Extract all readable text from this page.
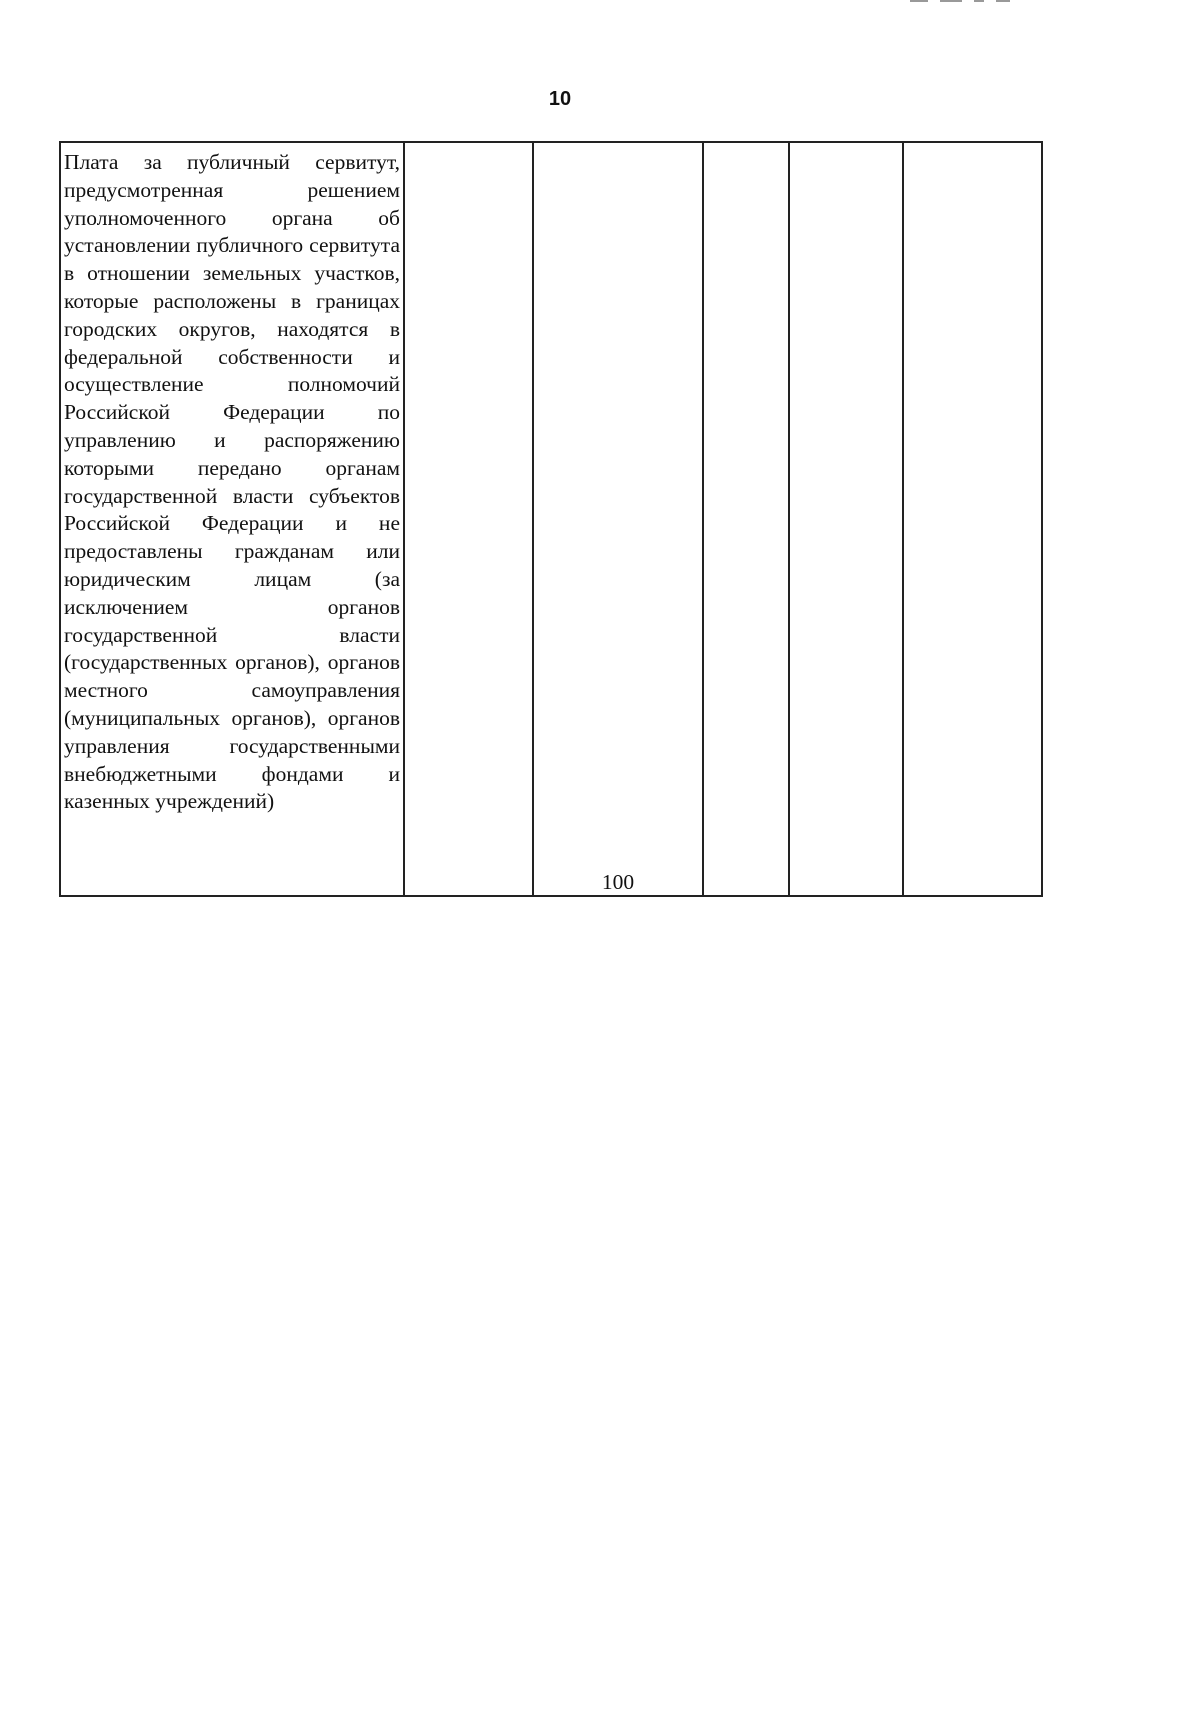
10
Плата за публичный сервитут, предусмотренная решением уполномоченного органа об установлении публичного сервитута в отношении земельных участков, которые расположены в границах городских округов, находятся в федеральной собственности и осуществление полномочий Российской Федерации по управлению и распоряжению которыми передано органам государственной власти субъектов Российской Федерации и не предоставлены гражданам или юридическим лицам (за исключением органов государственной власти (государственных органов), органов местного самоуправления (муниципальных органов), органов управления государственными внебюджетными фондами и казенных учреждений)		100			
